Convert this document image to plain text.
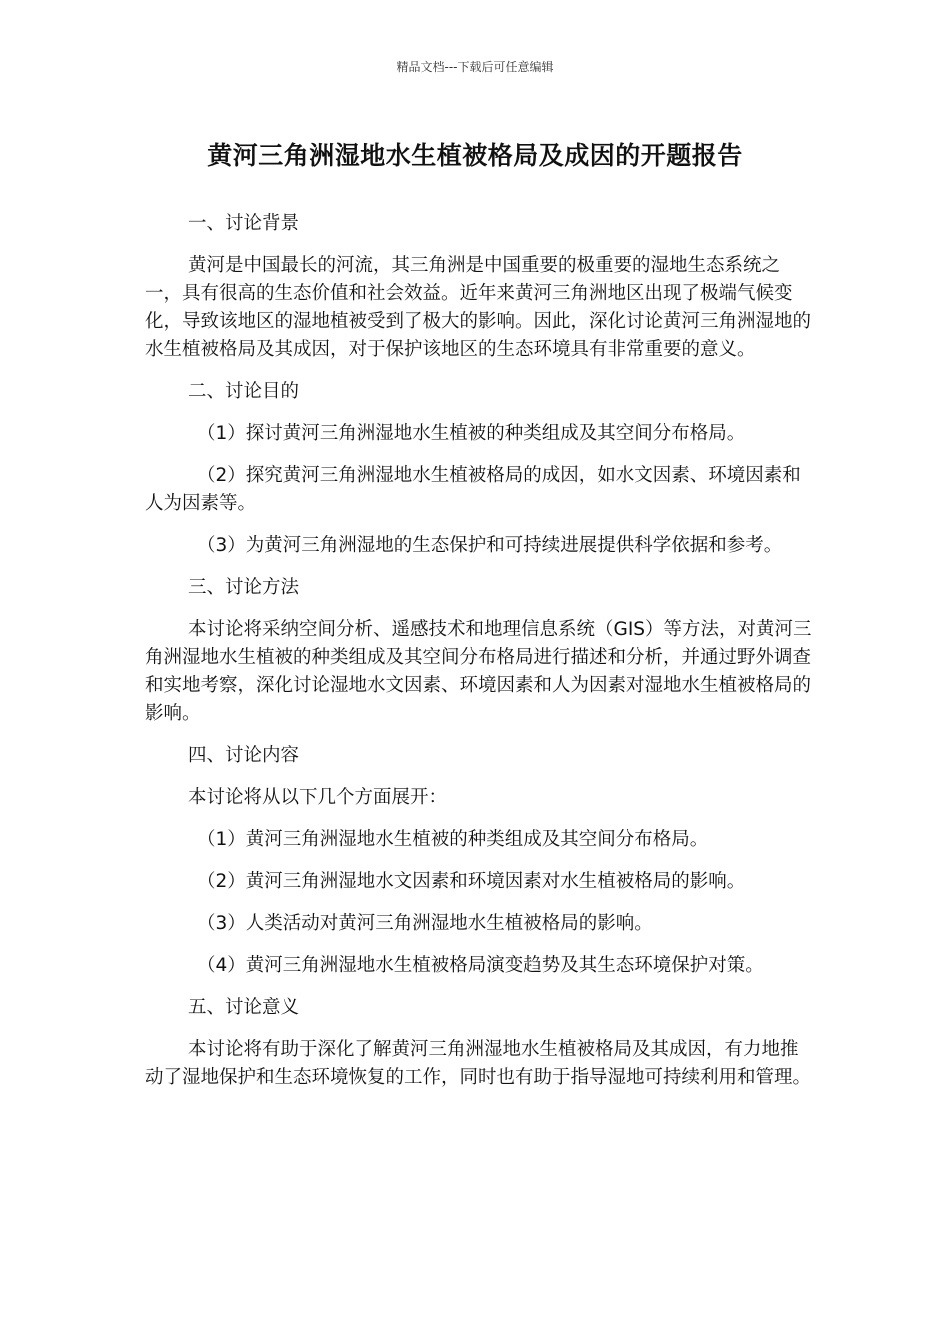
精品文档---下载后可任意编辑
黄河三角洲湿地水生植被格局及成因的开题报告

一、讨论背景

黄河是中国最长的河流，其三角洲是中国重要的极重要的湿地生态系统之一，具有很高的生态价值和社会效益。近年来黄河三角洲地区出现了极端气候变化，导致该地区的湿地植被受到了极大的影响。因此，深化讨论黄河三角洲湿地的水生植被格局及其成因，对于保护该地区的生态环境具有非常重要的意义。

二、讨论目的

（1）探讨黄河三角洲湿地水生植被的种类组成及其空间分布格局。

（2）探究黄河三角洲湿地水生植被格局的成因，如水文因素、环境因素和人为因素等。

（3）为黄河三角洲湿地的生态保护和可持续进展提供科学依据和参考。

三、讨论方法

本讨论将采纳空间分析、遥感技术和地理信息系统（GIS）等方法，对黄河三角洲湿地水生植被的种类组成及其空间分布格局进行描述和分析，并通过野外调查和实地考察，深化讨论湿地水文因素、环境因素和人为因素对湿地水生植被格局的影响。

四、讨论内容

本讨论将从以下几个方面展开：

（1）黄河三角洲湿地水生植被的种类组成及其空间分布格局。

（2）黄河三角洲湿地水文因素和环境因素对水生植被格局的影响。

（3）人类活动对黄河三角洲湿地水生植被格局的影响。

（4）黄河三角洲湿地水生植被格局演变趋势及其生态环境保护对策。

五、讨论意义

本讨论将有助于深化了解黄河三角洲湿地水生植被格局及其成因，有力地推动了湿地保护和生态环境恢复的工作，同时也有助于指导湿地可持续利用和管理。
